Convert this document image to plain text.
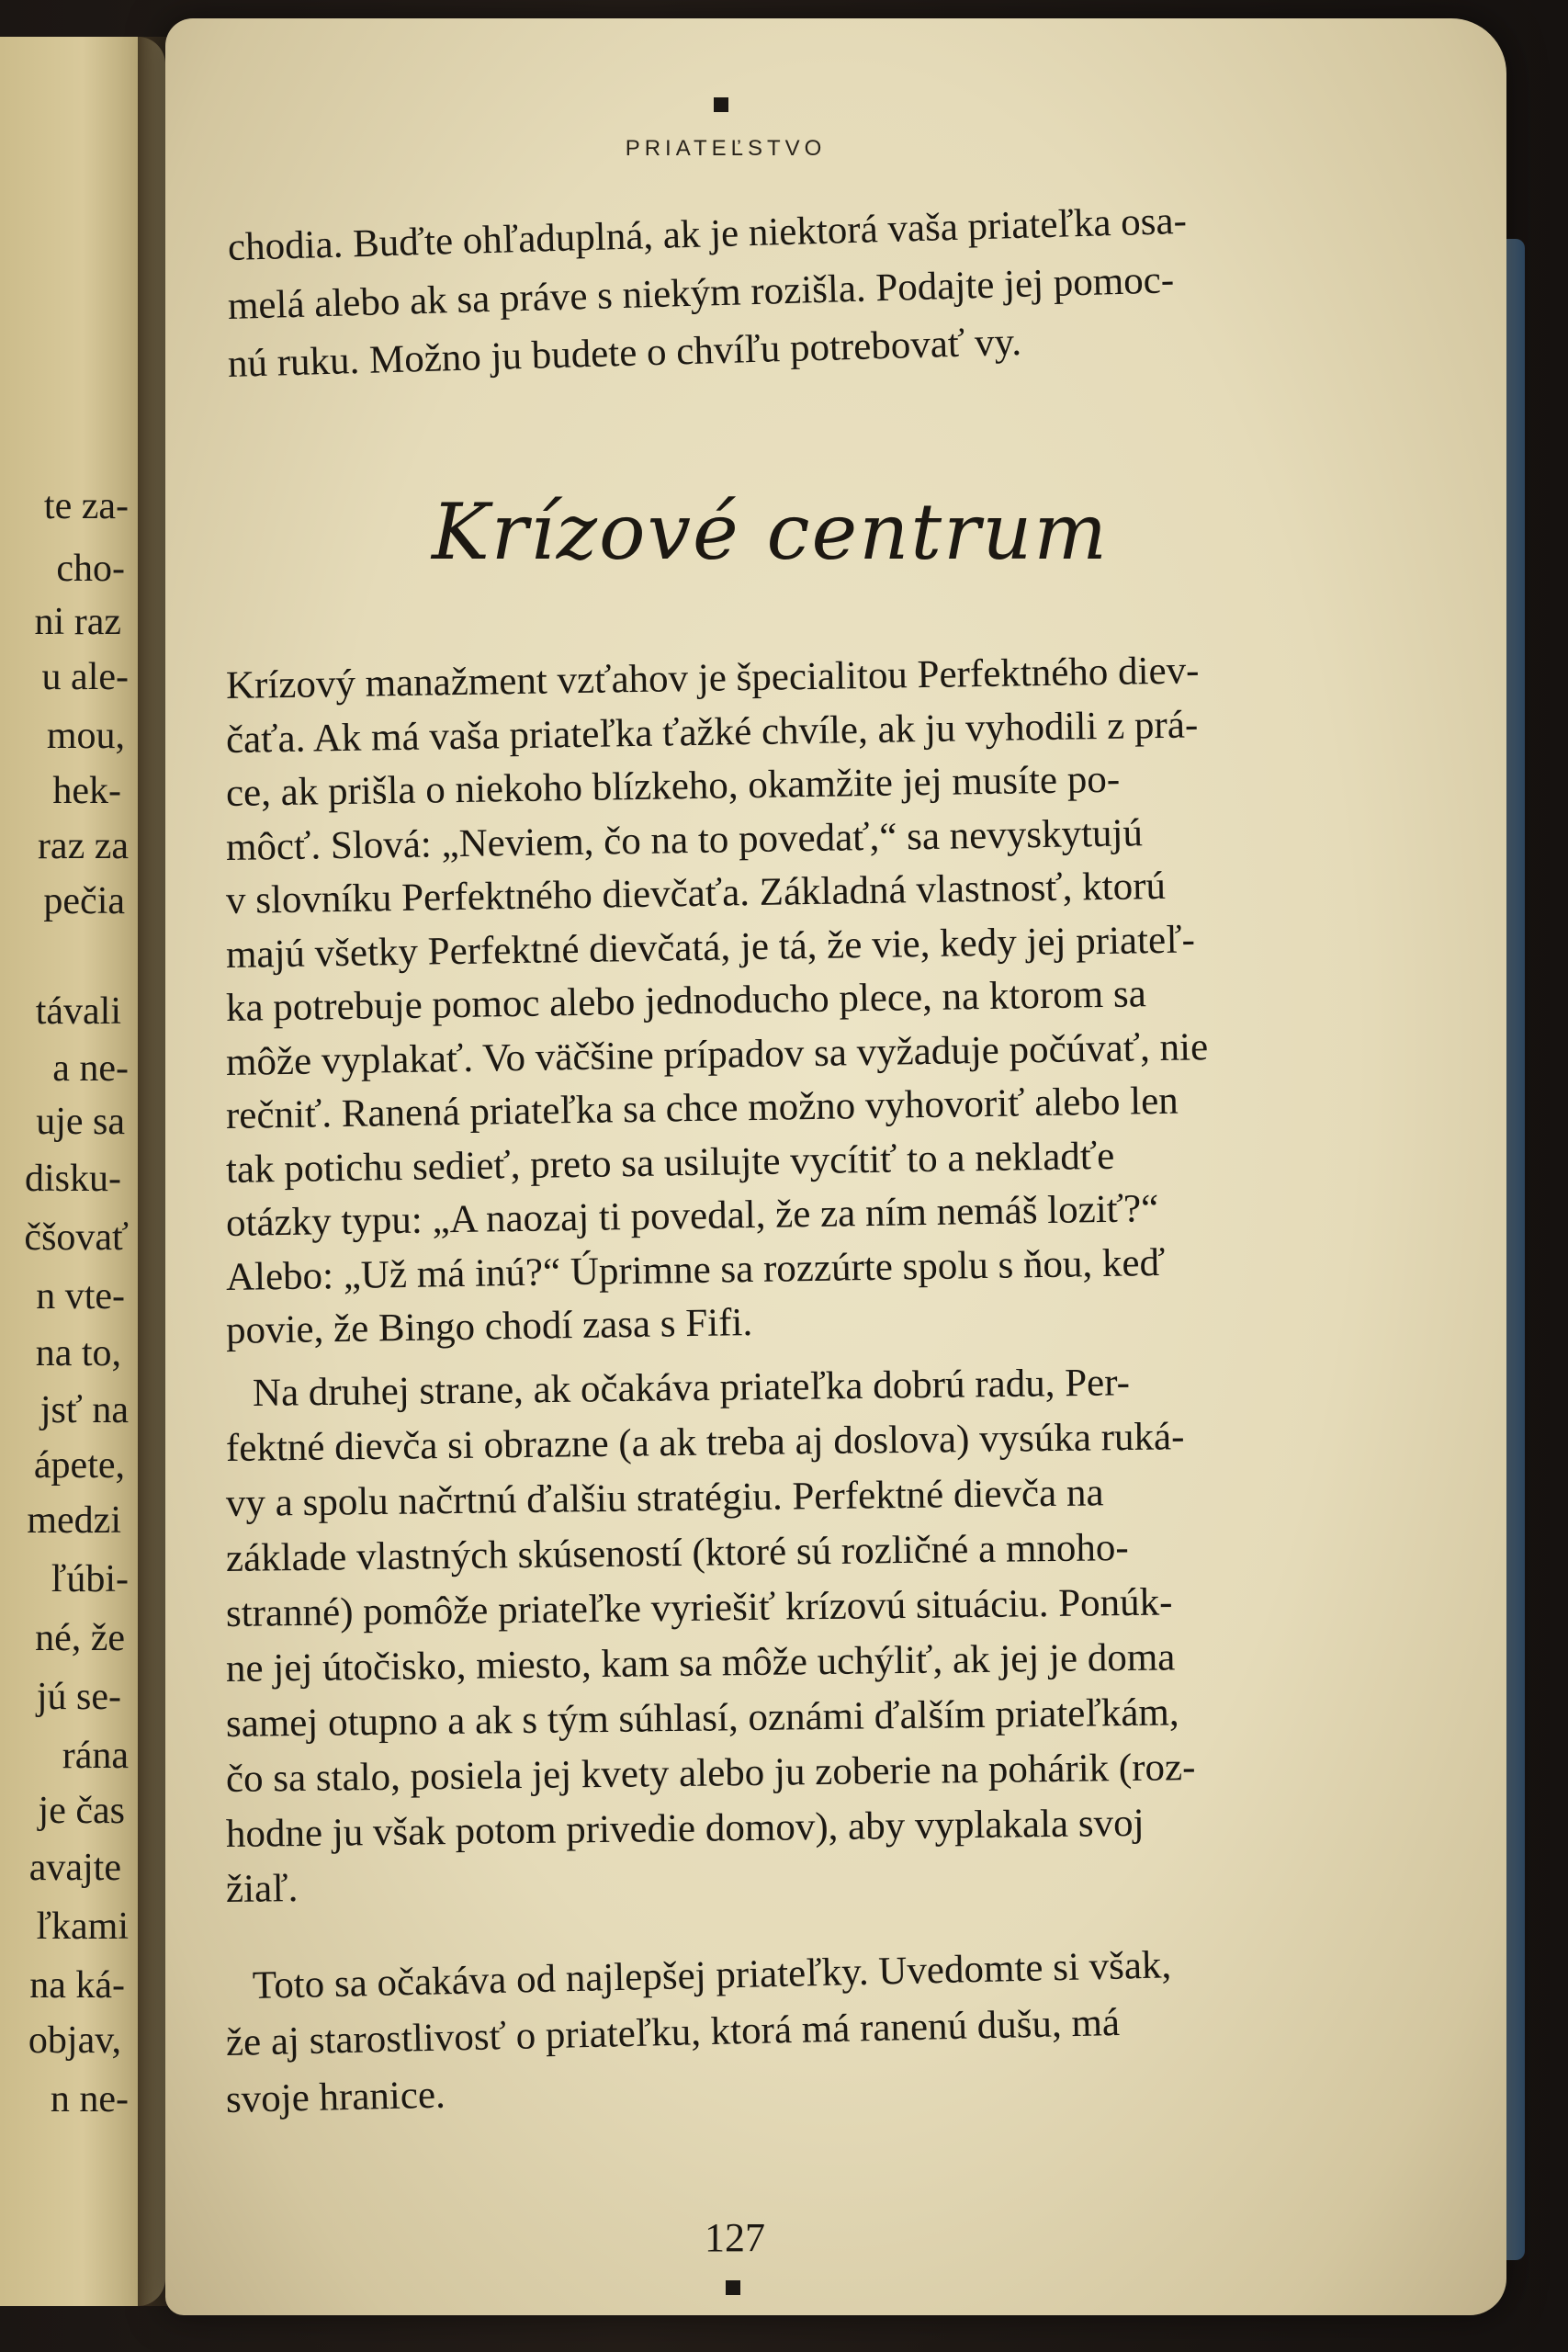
te za-
cho-
ni raz
u ale-
mou,
hek-
raz za
pečia
távali
a ne-
uje sa
disku-
čšovať
n vte-
na to,
jsť na
ápete,
medzi
ľúbi-
né, že
jú se-
rána
je čas
avajte
ľkami
na ká-
objav,
n ne-
PRIATEĽSTVO
chodia. Buďte ohľaduplná, ak je niektorá vaša priateľka osa-
melá alebo ak sa práve s niekým rozišla. Podajte jej pomoc-
nú ruku. Možno ju budete o chvíľu potrebovať vy.
Krízové centrum
Krízový manažment vzťahov je špecialitou Perfektného diev-
čaťa. Ak má vaša priateľka ťažké chvíle, ak ju vyhodili z prá-
ce, ak prišla o niekoho blízkeho, okamžite jej musíte po-
môcť. Slová: „Neviem, čo na to povedať,“ sa nevyskytujú
v slovníku Perfektného dievčaťa. Základná vlastnosť, ktorú
majú všetky Perfektné dievčatá, je tá, že vie, kedy jej priateľ-
ka potrebuje pomoc alebo jednoducho plece, na ktorom sa
môže vyplakať. Vo väčšine prípadov sa vyžaduje počúvať, nie
rečniť. Ranená priateľka sa chce možno vyhovoriť alebo len
tak potichu sedieť, preto sa usilujte vycítiť to a nekladťe
otázky typu: „A naozaj ti povedal, že za ním nemáš loziť?“
Alebo: „Už má inú?“ Úprimne sa rozzúrte spolu s ňou, keď
povie, že Bingo chodí zasa s Fifi.
Na druhej strane, ak očakáva priateľka dobrú radu, Per-
fektné dievča si obrazne (a ak treba aj doslova) vysúka ruká-
vy a spolu načrtnú ďalšiu stratégiu. Perfektné dievča na
základe vlastných skúseností (ktoré sú rozličné a mnoho-
stranné) pomôže priateľke vyriešiť krízovú situáciu. Ponúk-
ne jej útočisko, miesto, kam sa môže uchýliť, ak jej je doma
samej otupno a ak s tým súhlasí, oznámi ďalším priateľkám,
čo sa stalo, posiela jej kvety alebo ju zoberie na pohárik (roz-
hodne ju však potom privedie domov), aby vyplakala svoj
žiaľ.
Toto sa očakáva od najlepšej priateľky. Uvedomte si však,
že aj starostlivosť o priateľku, ktorá má ranenú dušu, má
svoje hranice.
127
